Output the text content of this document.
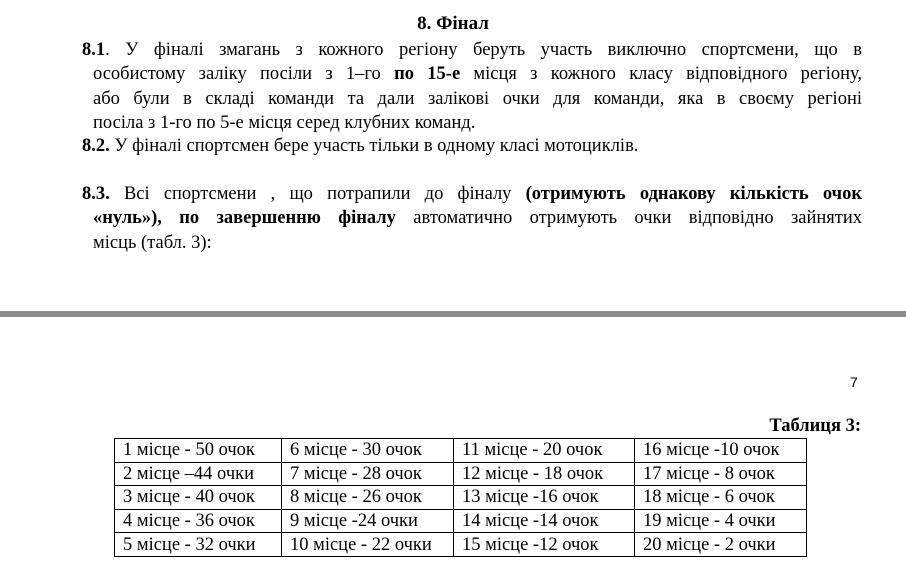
8. Фінал
8.1. У фіналі змагань з кожного регіону беруть участь виключно спортсмени, що в
особистому заліку посіли з 1–го по 15-е місця з кожного класу відповідного регіону,
або були в складі команди та дали залікові очки для команди, яка в своєму регіоні
посіла з 1-го по 5-е місця серед клубних команд.
8.2. У фіналі спортсмен бере участь тільки в одному класі мотоциклів.
8.3. Всі спортсмени , що потрапили до фіналу (отримують однакову кількість очок
«нуль»), по завершенню фіналу автоматично отримують очки відповідно зайнятих
місць (табл. 3):
7
Таблиця 3:
1 місце - 50 очок	6 місце - 30 очок	11 місце - 20 очок	16 місце -10 очок
2 місце –44 очки	7 місце - 28 очок	12 місце - 18 очок	17 місце - 8 очок
3 місце - 40 очок	8 місце - 26 очок	13 місце -16 очок	18 місце - 6 очок
4 місце - 36 очок	9 місце -24 очки	14 місце -14 очок	19 місце - 4 очки
5 місце - 32 очки	10 місце - 22 очки	15 місце -12 очок	20 місце - 2 очки
